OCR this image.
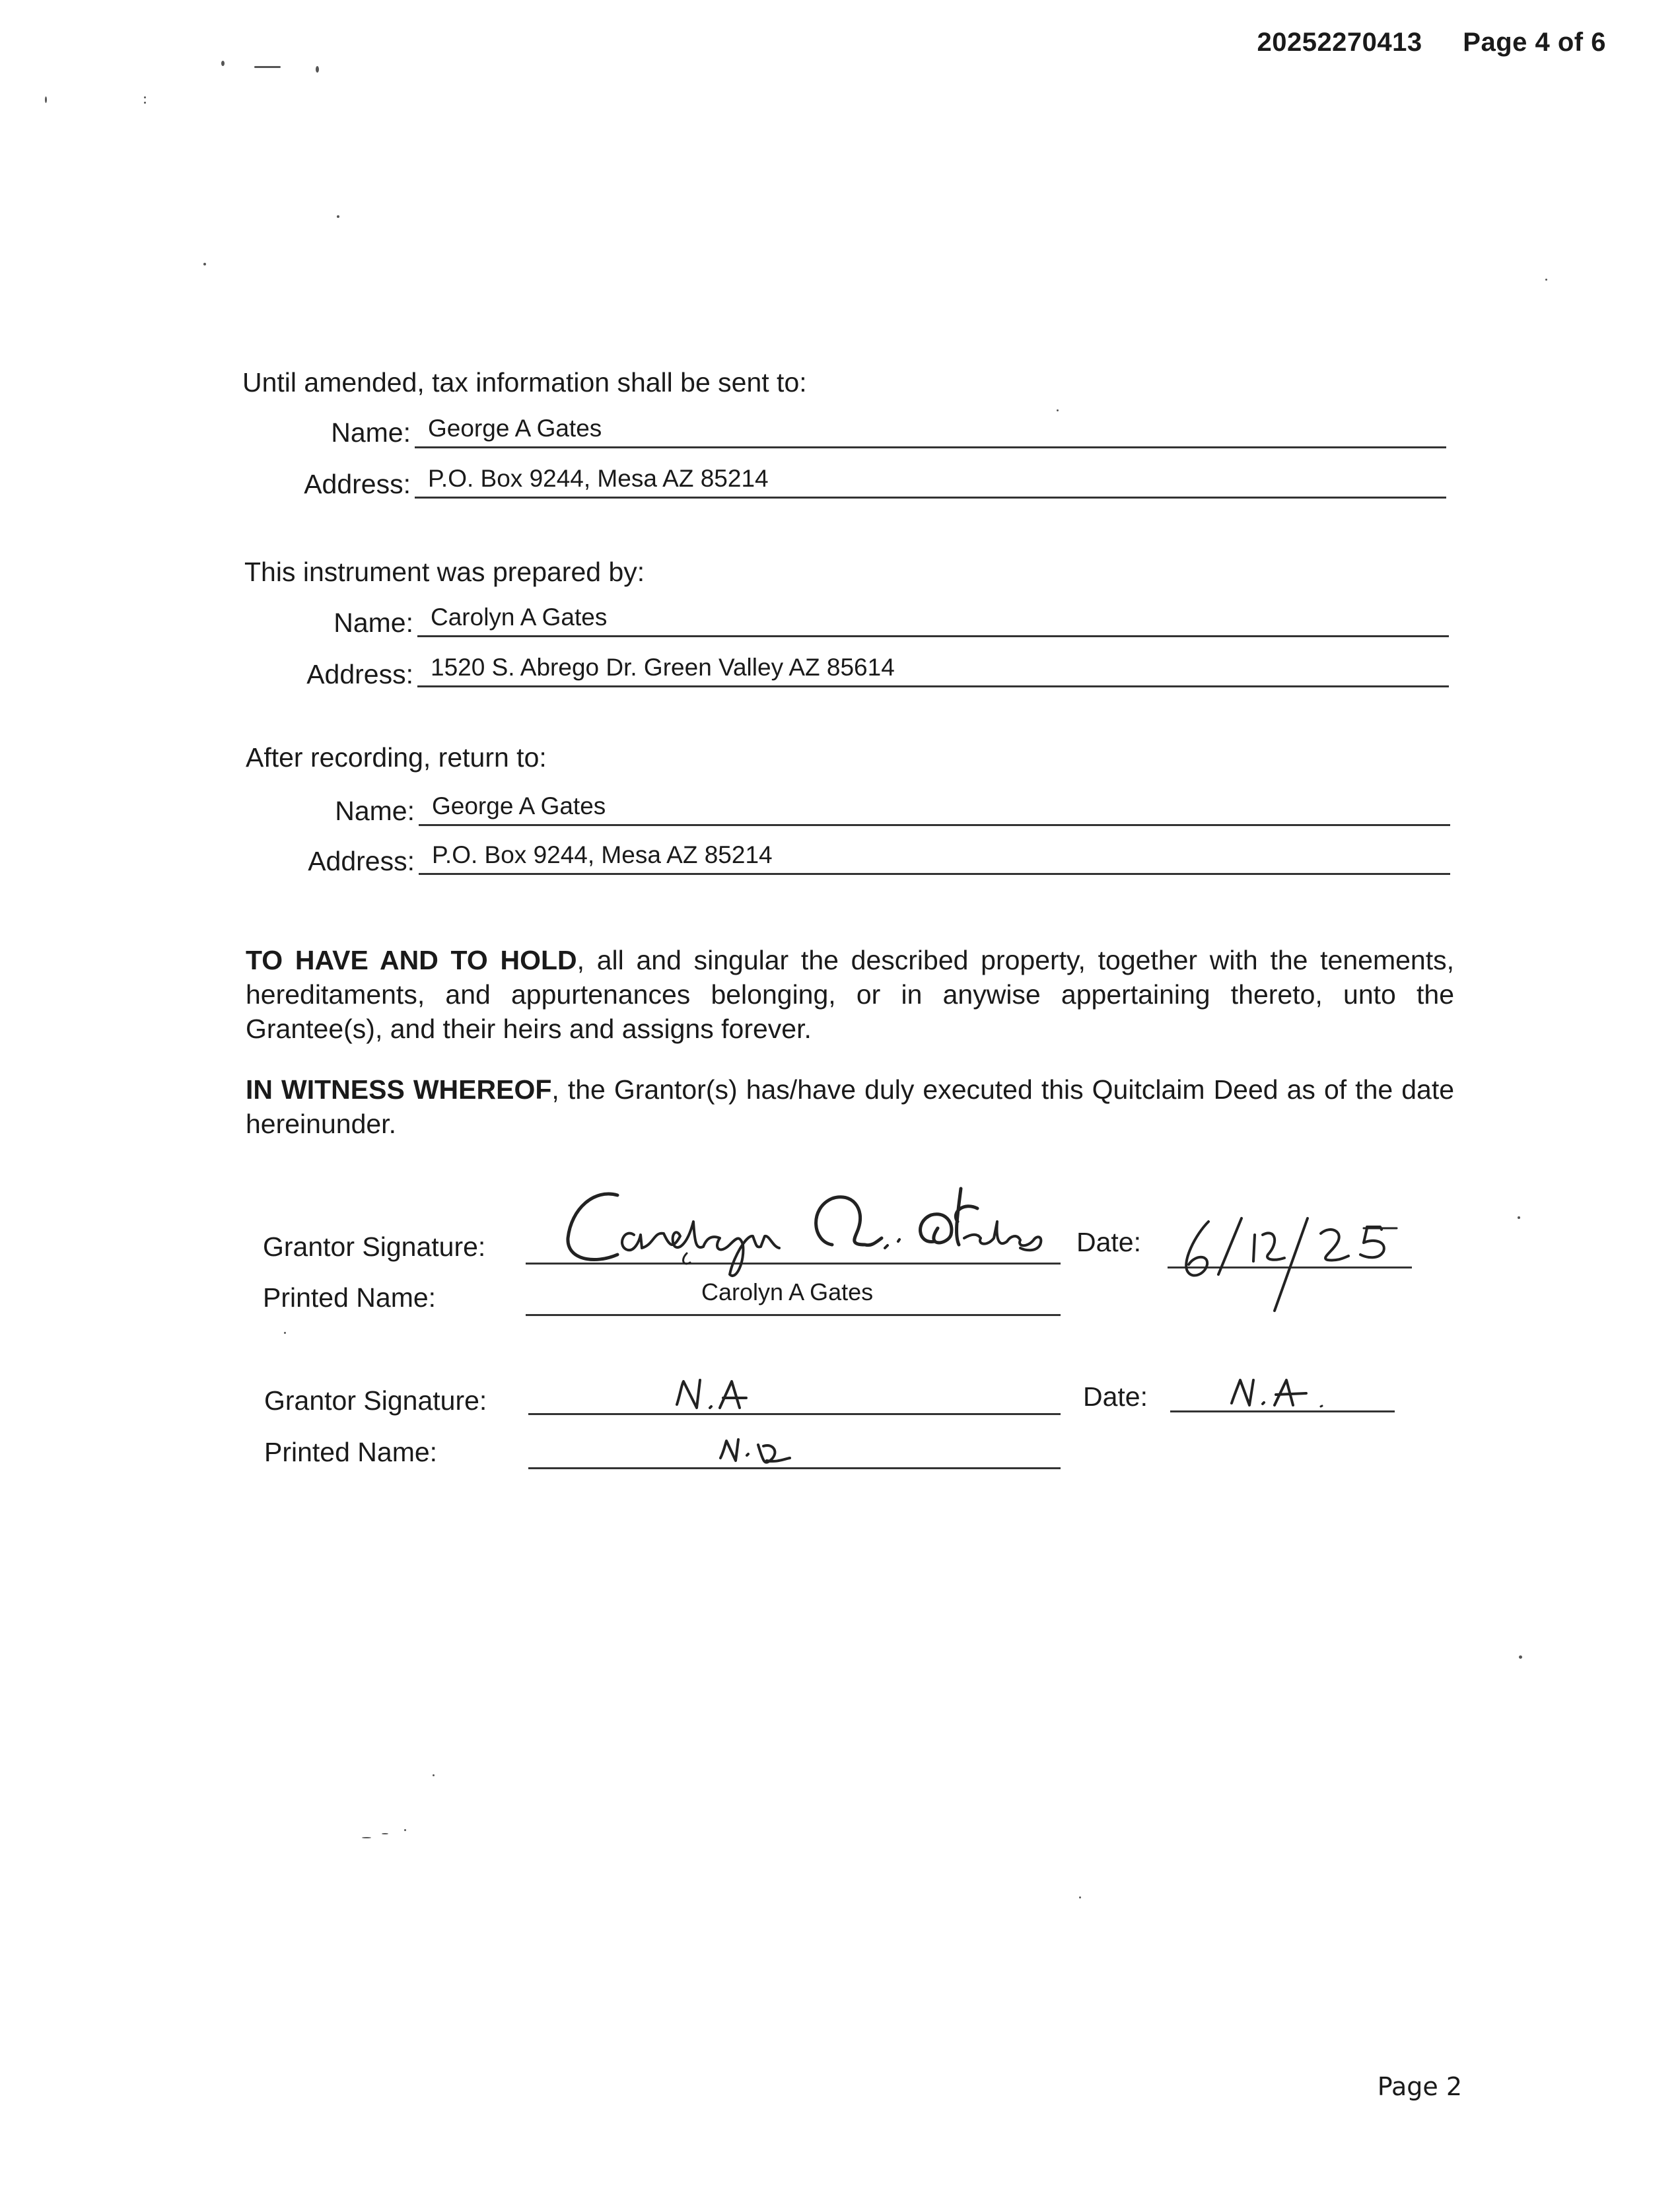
20252270413 Page 4 of 6
Until amended, tax information shall be sent to:
Name: George A Gates
Address: P.O. Box 9244, Mesa AZ 85214
This instrument was prepared by:
Name: Carolyn A Gates
Address: 1520 S. Abrego Dr. Green Valley AZ 85614
After recording, return to:
Name: George A Gates
Address: P.O. Box 9244, Mesa AZ 85214
TO HAVE AND TO HOLD, all and singular the described property, together with the tenements, hereditaments, and appurtenances belonging, or in anywise appertaining thereto, unto the Grantee(s), and their heirs and assigns forever.
IN WITNESS WHEREOF, the Grantor(s) has/have duly executed this Quitclaim Deed as of the date hereinunder.
Grantor Signature:	Date:
Printed Name:	Carolyn A Gates
Grantor Signature:	Date:
Printed Name:
Page 2
